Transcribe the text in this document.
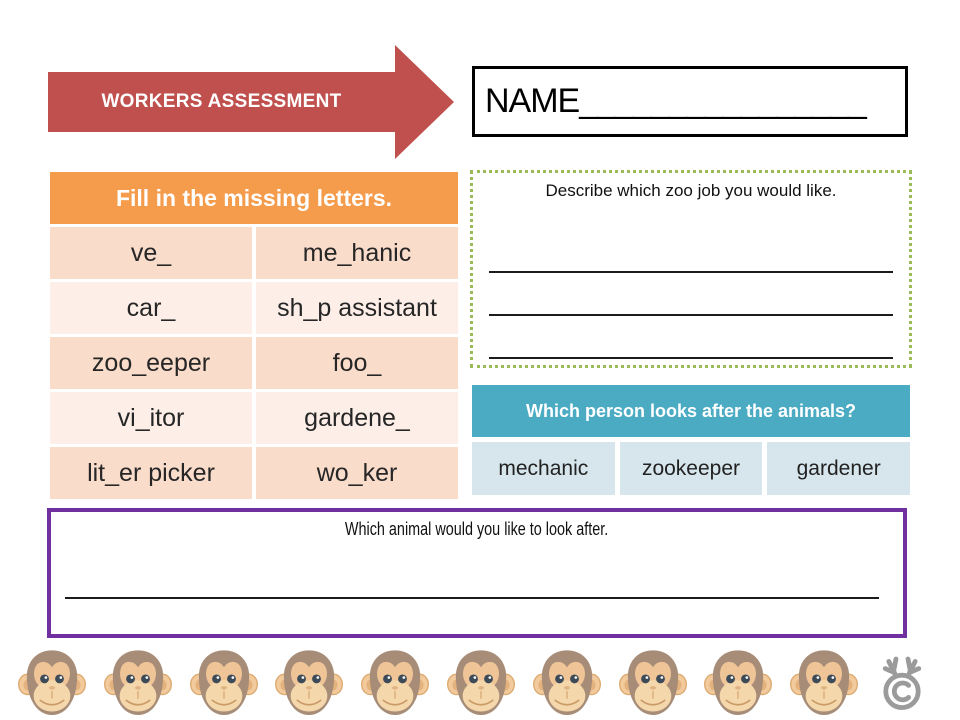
WORKERS ASSESSMENT	NAME________________
Fill in the missing letters.
ve_	me_hanic
car_	sh_p assistant
zoo_eeper	foo_
vi_itor	gardene_
lit_er picker	wo_ker
Describe which zoo job you would like.
Which person looks after the animals?
mechanic	zookeeper	gardener
Which animal would you like to look after.
